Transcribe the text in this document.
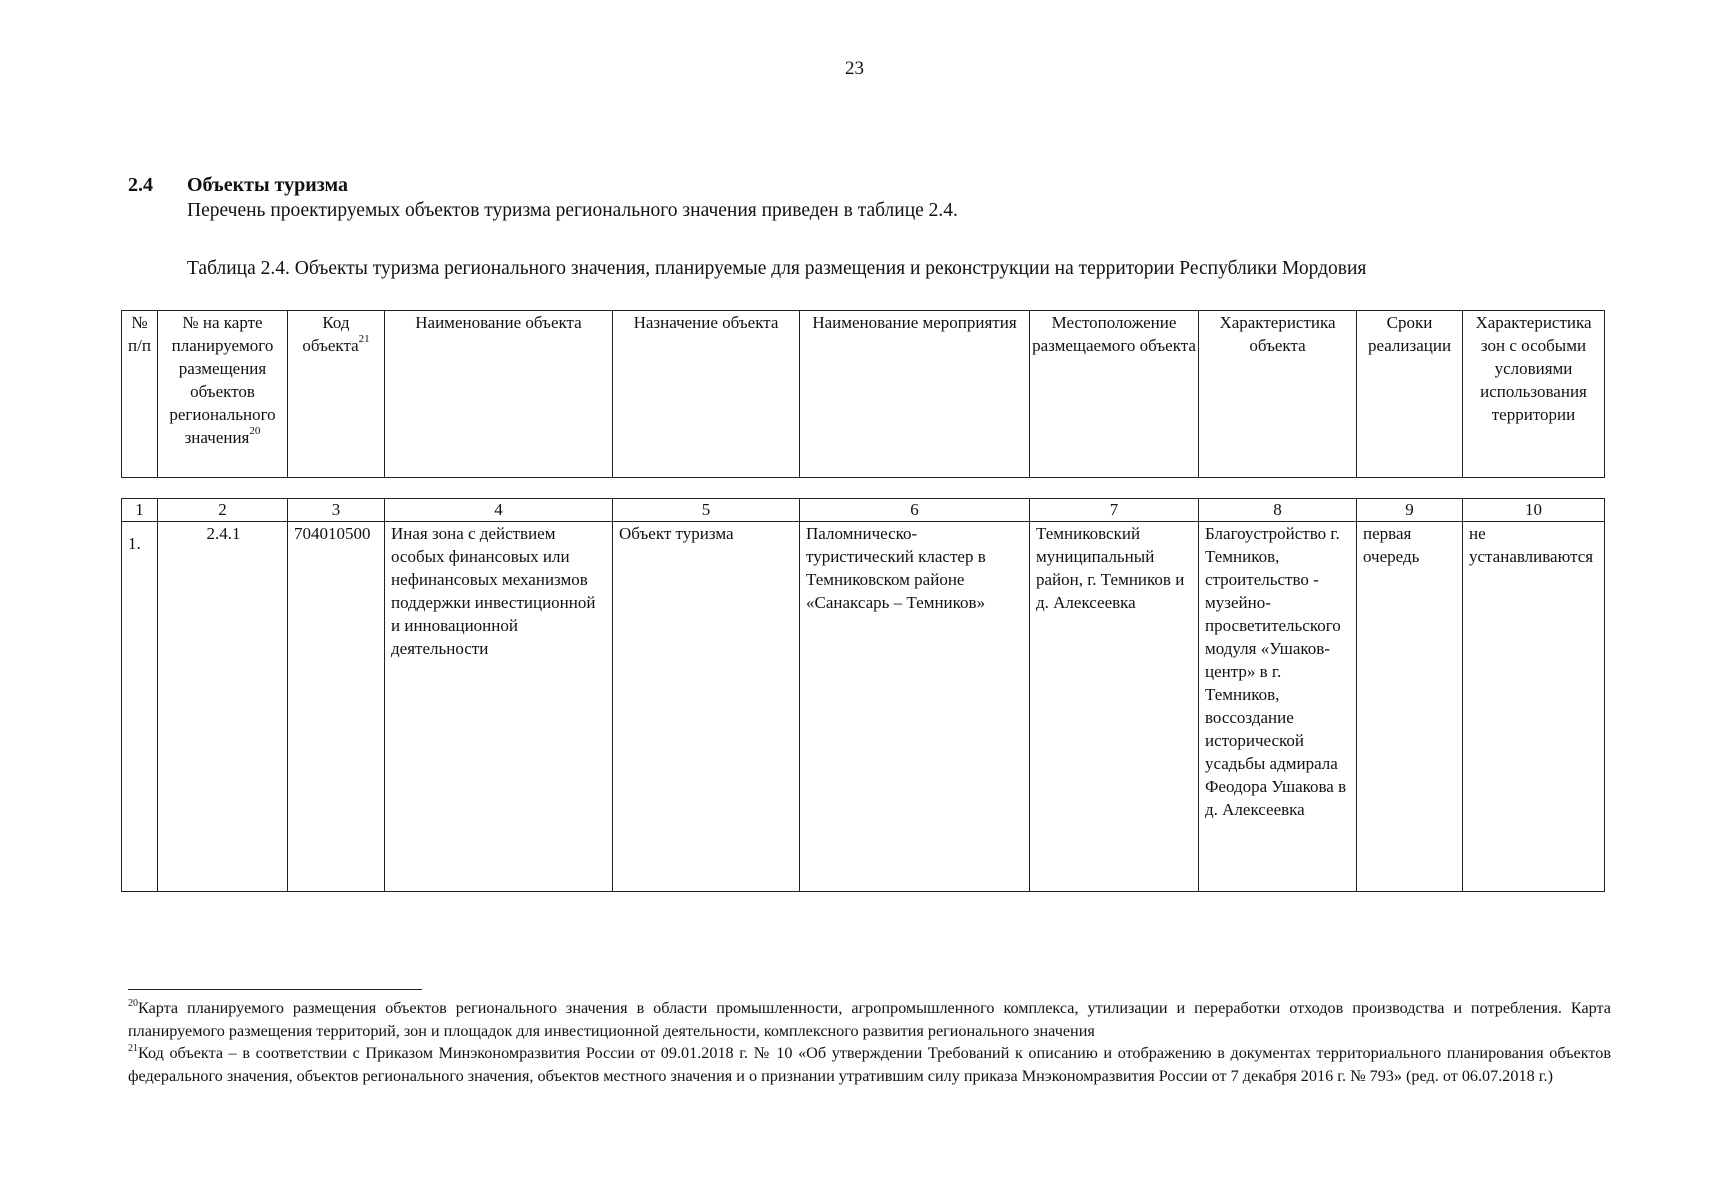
23
2.4 Объекты туризма
Перечень проектируемых объектов туризма регионального значения приведен в таблице 2.4.
Таблица 2.4. Объекты туризма регионального значения, планируемые для размещения и реконструкции на территории Республики Мордовия
№ п/п	№ на карте планируемого размещения объектов регионального значения$^{20}$	Код объекта$^{21}$	Наименование объекта	Назначение объекта	Наименование мероприятия	Местоположение размещаемого объекта	Характеристика объекта	Сроки реализации	Характеристика зон с особыми условиями использования территории
1	2	3	4	5	6	7	8	9	10
1.	2.4.1	704010500	Иная зона с действием особых финансовых или нефинансовых механизмов поддержки инвестиционной и инновационной деятельности	Объект туризма	Паломническо-туристический кластер в Темниковском районе «Санаксарь – Темников»	Темниковский муниципальный район, г. Темников и д. Алексеевка	Благоустройство г. Темников, строительство - музейно-просветительского модуля «Ушаков-центр» в г. Темников, воссоздание исторической усадьбы адмирала Феодора Ушакова в д. Алексеевка	первая очередь	не устанавливаются

$^{20}$Карта планируемого размещения объектов регионального значения в области промышленности, агропромышленного комплекса, утилизации и переработки отходов производства и потребления. Карта планируемого размещения территорий, зон и площадок для инвестиционной деятельности, комплексного развития регионального значения

$^{21}$Код объекта – в соответствии с Приказом Минэкономразвития России от 09.01.2018 г. № 10 «Об утверждении Требований к описанию и отображению в документах территориального планирования объектов федерального значения, объектов регионального значения, объектов местного значения и о признании утратившим силу приказа Мнэкономразвития России от 7 декабря 2016 г. № 793» (ред. от 06.07.2018 г.)
